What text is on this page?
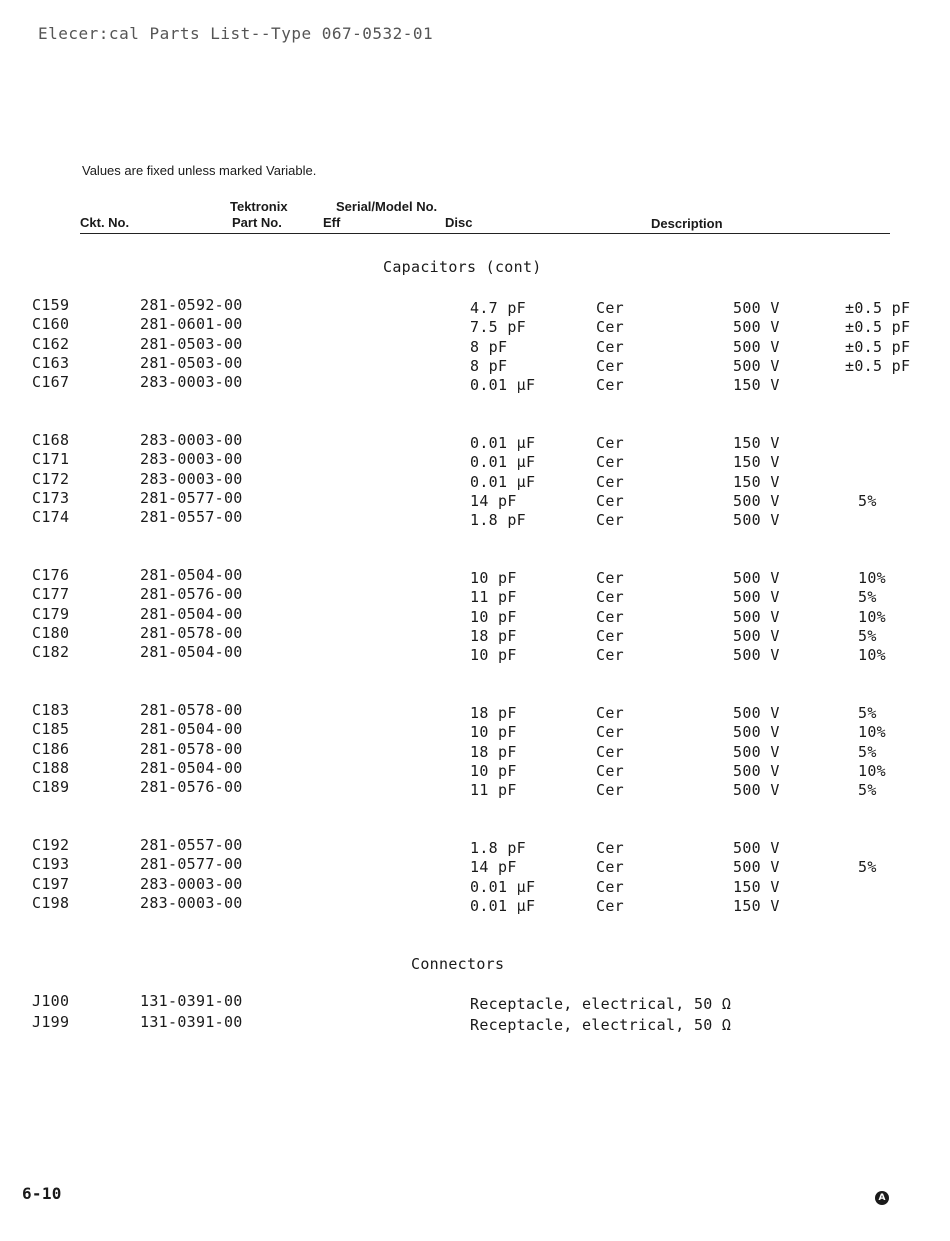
Elecer:cal Parts List--Type 067-0532-01
Values are fixed unless marked Variable.
Tektronix	Serial/Model No.
Ckt. No.	Part No.	Eff	Disc	Description
Capacitors (cont)
C159	281-0592-00	4.7 pF	Cer	500 V	±0.5 pF
C160	281-0601-00	7.5 pF	Cer	500 V	±0.5 pF
C162	281-0503-00	8 pF	Cer	500 V	±0.5 pF
C163	281-0503-00	8 pF	Cer	500 V	±0.5 pF
C167	283-0003-00	0.01 μF	Cer	150 V
C168	283-0003-00	0.01 μF	Cer	150 V
C171	283-0003-00	0.01 μF	Cer	150 V
C172	283-0003-00	0.01 μF	Cer	150 V
C173	281-0577-00	14 pF	Cer	500 V	5%
C174	281-0557-00	1.8 pF	Cer	500 V
C176	281-0504-00	10 pF	Cer	500 V	10%
C177	281-0576-00	11 pF	Cer	500 V	5%
C179	281-0504-00	10 pF	Cer	500 V	10%
C180	281-0578-00	18 pF	Cer	500 V	5%
C182	281-0504-00	10 pF	Cer	500 V	10%
C183	281-0578-00	18 pF	Cer	500 V	5%
C185	281-0504-00	10 pF	Cer	500 V	10%
C186	281-0578-00	18 pF	Cer	500 V	5%
C188	281-0504-00	10 pF	Cer	500 V	10%
C189	281-0576-00	11 pF	Cer	500 V	5%
C192	281-0557-00	1.8 pF	Cer	500 V
C193	281-0577-00	14 pF	Cer	500 V	5%
C197	283-0003-00	0.01 μF	Cer	150 V
C198	283-0003-00	0.01 μF	Cer	150 V
Connectors
J100	131-0391-00	Receptacle, electrical, 50 Ω
J199	131-0391-00	Receptacle, electrical, 50 Ω
6-10	A
